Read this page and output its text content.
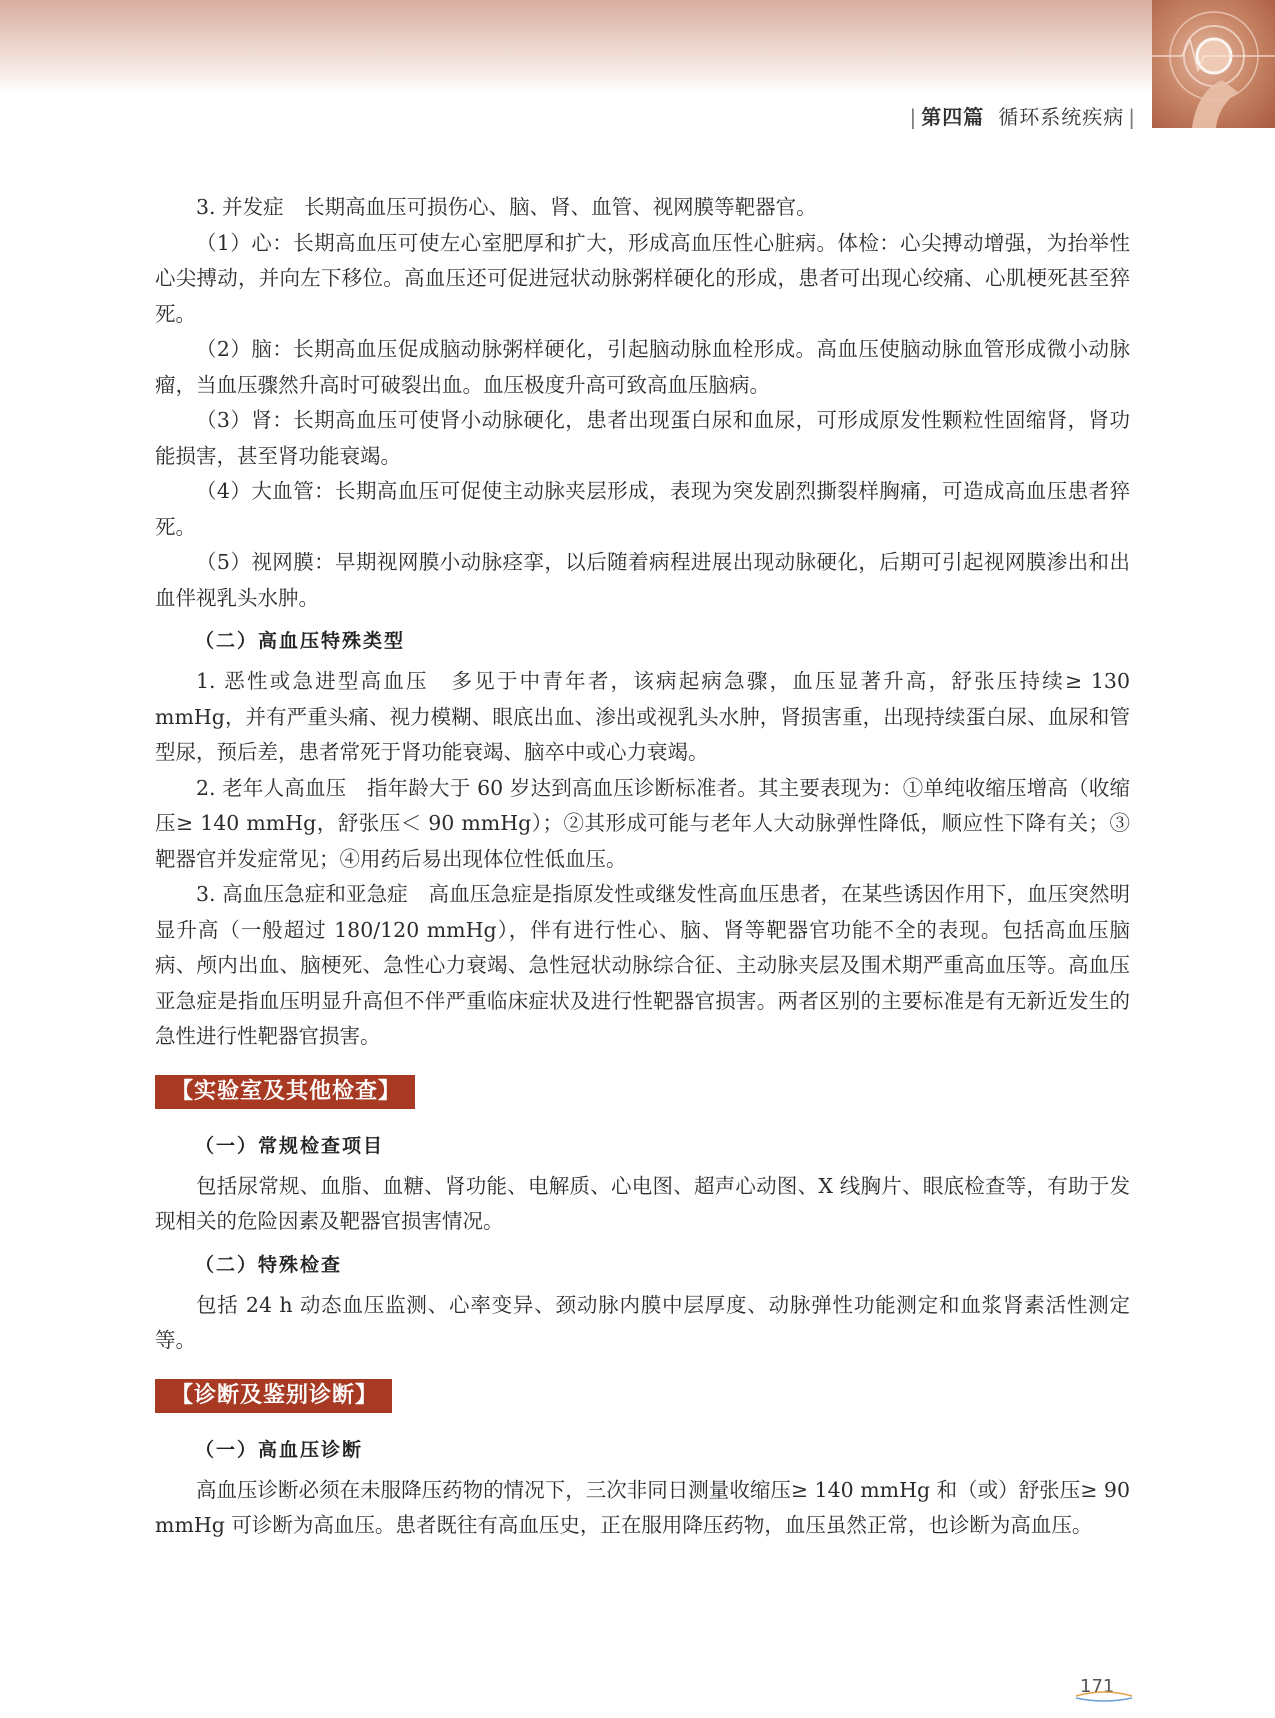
| 第四篇 循环系统疾病 |

3. 并发症　长期高血压可损伤心、脑、肾、血管、视网膜等靶器官。

（1）心：长期高血压可使左心室肥厚和扩大，形成高血压性心脏病。体检：心尖搏动增强，为抬举性心尖搏动，并向左下移位。高血压还可促进冠状动脉粥样硬化的形成，患者可出现心绞痛、心肌梗死甚至猝死。

（2）脑：长期高血压促成脑动脉粥样硬化，引起脑动脉血栓形成。高血压使脑动脉血管形成微小动脉瘤，当血压骤然升高时可破裂出血。血压极度升高可致高血压脑病。

（3）肾：长期高血压可使肾小动脉硬化，患者出现蛋白尿和血尿，可形成原发性颗粒性固缩肾，肾功能损害，甚至肾功能衰竭。

（4）大血管：长期高血压可促使主动脉夹层形成，表现为突发剧烈撕裂样胸痛，可造成高血压患者猝死。

（5）视网膜：早期视网膜小动脉痉挛，以后随着病程进展出现动脉硬化，后期可引起视网膜渗出和出血伴视乳头水肿。

（二）高血压特殊类型

1. 恶性或急进型高血压　多见于中青年者，该病起病急骤，血压显著升高，舒张压持续≥ 130 mmHg，并有严重头痛、视力模糊、眼底出血、渗出或视乳头水肿，肾损害重，出现持续蛋白尿、血尿和管型尿，预后差，患者常死于肾功能衰竭、脑卒中或心力衰竭。

2. 老年人高血压　指年龄大于 60 岁达到高血压诊断标准者。其主要表现为：①单纯收缩压增高（收缩压≥ 140 mmHg，舒张压＜ 90 mmHg）；②其形成可能与老年人大动脉弹性降低，顺应性下降有关；③靶器官并发症常见；④用药后易出现体位性低血压。

3. 高血压急症和亚急症　高血压急症是指原发性或继发性高血压患者，在某些诱因作用下，血压突然明显升高（一般超过 180/120 mmHg），伴有进行性心、脑、肾等靶器官功能不全的表现。包括高血压脑病、颅内出血、脑梗死、急性心力衰竭、急性冠状动脉综合征、主动脉夹层及围术期严重高血压等。高血压亚急症是指血压明显升高但不伴严重临床症状及进行性靶器官损害。两者区别的主要标准是有无新近发生的急性进行性靶器官损害。

【实验室及其他检查】
（一）常规检查项目

包括尿常规、血脂、血糖、肾功能、电解质、心电图、超声心动图、X 线胸片、眼底检查等，有助于发现相关的危险因素及靶器官损害情况。

（二）特殊检查

包括 24 h 动态血压监测、心率变异、颈动脉内膜中层厚度、动脉弹性功能测定和血浆肾素活性测定等。

【诊断及鉴别诊断】
（一）高血压诊断

高血压诊断必须在未服降压药物的情况下，三次非同日测量收缩压≥ 140 mmHg 和（或）舒张压≥ 90 mmHg 可诊断为高血压。患者既往有高血压史，正在服用降压药物，血压虽然正常，也诊断为高血压。

171
